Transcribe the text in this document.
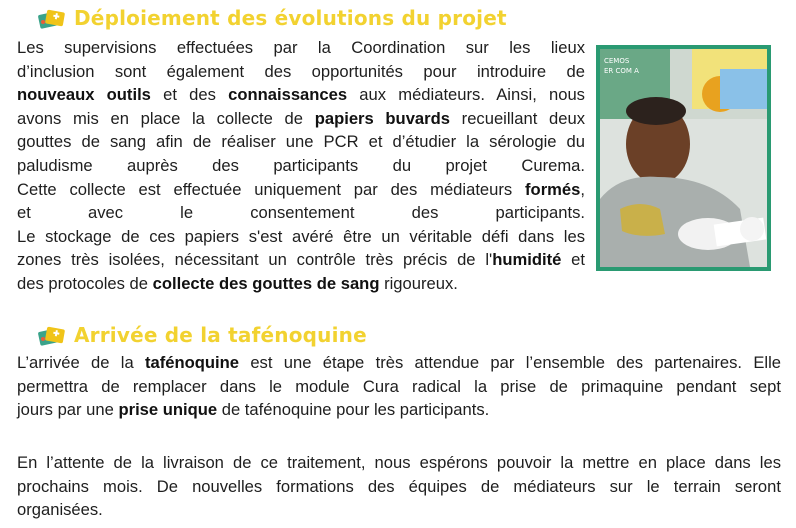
Déploiement des évolutions du projet
Les supervisions effectuées par la Coordination sur les lieux
d’inclusion sont également des opportunités pour introduire de
nouveaux outils et des connaissances aux médiateurs. Ainsi, nous
avons mis en place la collecte de papiers buvards recueillant deux
gouttes de sang afin de réaliser une PCR et d’étudier la sérologie du
paludisme auprès des participants du projet Curema.
Cette collecte est effectuée uniquement par des médiateurs formés,
et avec le consentement des participants.
Le stockage de ces papiers s'est avéré être un véritable défi dans les
zones très isolées, nécessitant un contrôle très précis de l'humidité et
des protocoles de collecte des gouttes de sang rigoureux.
CEMOS
ER COM A
Arrivée de la tafénoquine
L’arrivée de la tafénoquine est une étape très attendue par l’ensemble des partenaires. Elle
permettra de remplacer dans le module Cura radical la prise de primaquine pendant sept
jours par une prise unique de tafénoquine pour les participants.
En l’attente de la livraison de ce traitement, nous espérons pouvoir la mettre en place dans les
prochains mois. De nouvelles formations des équipes de médiateurs sur le terrain seront
organisées.
